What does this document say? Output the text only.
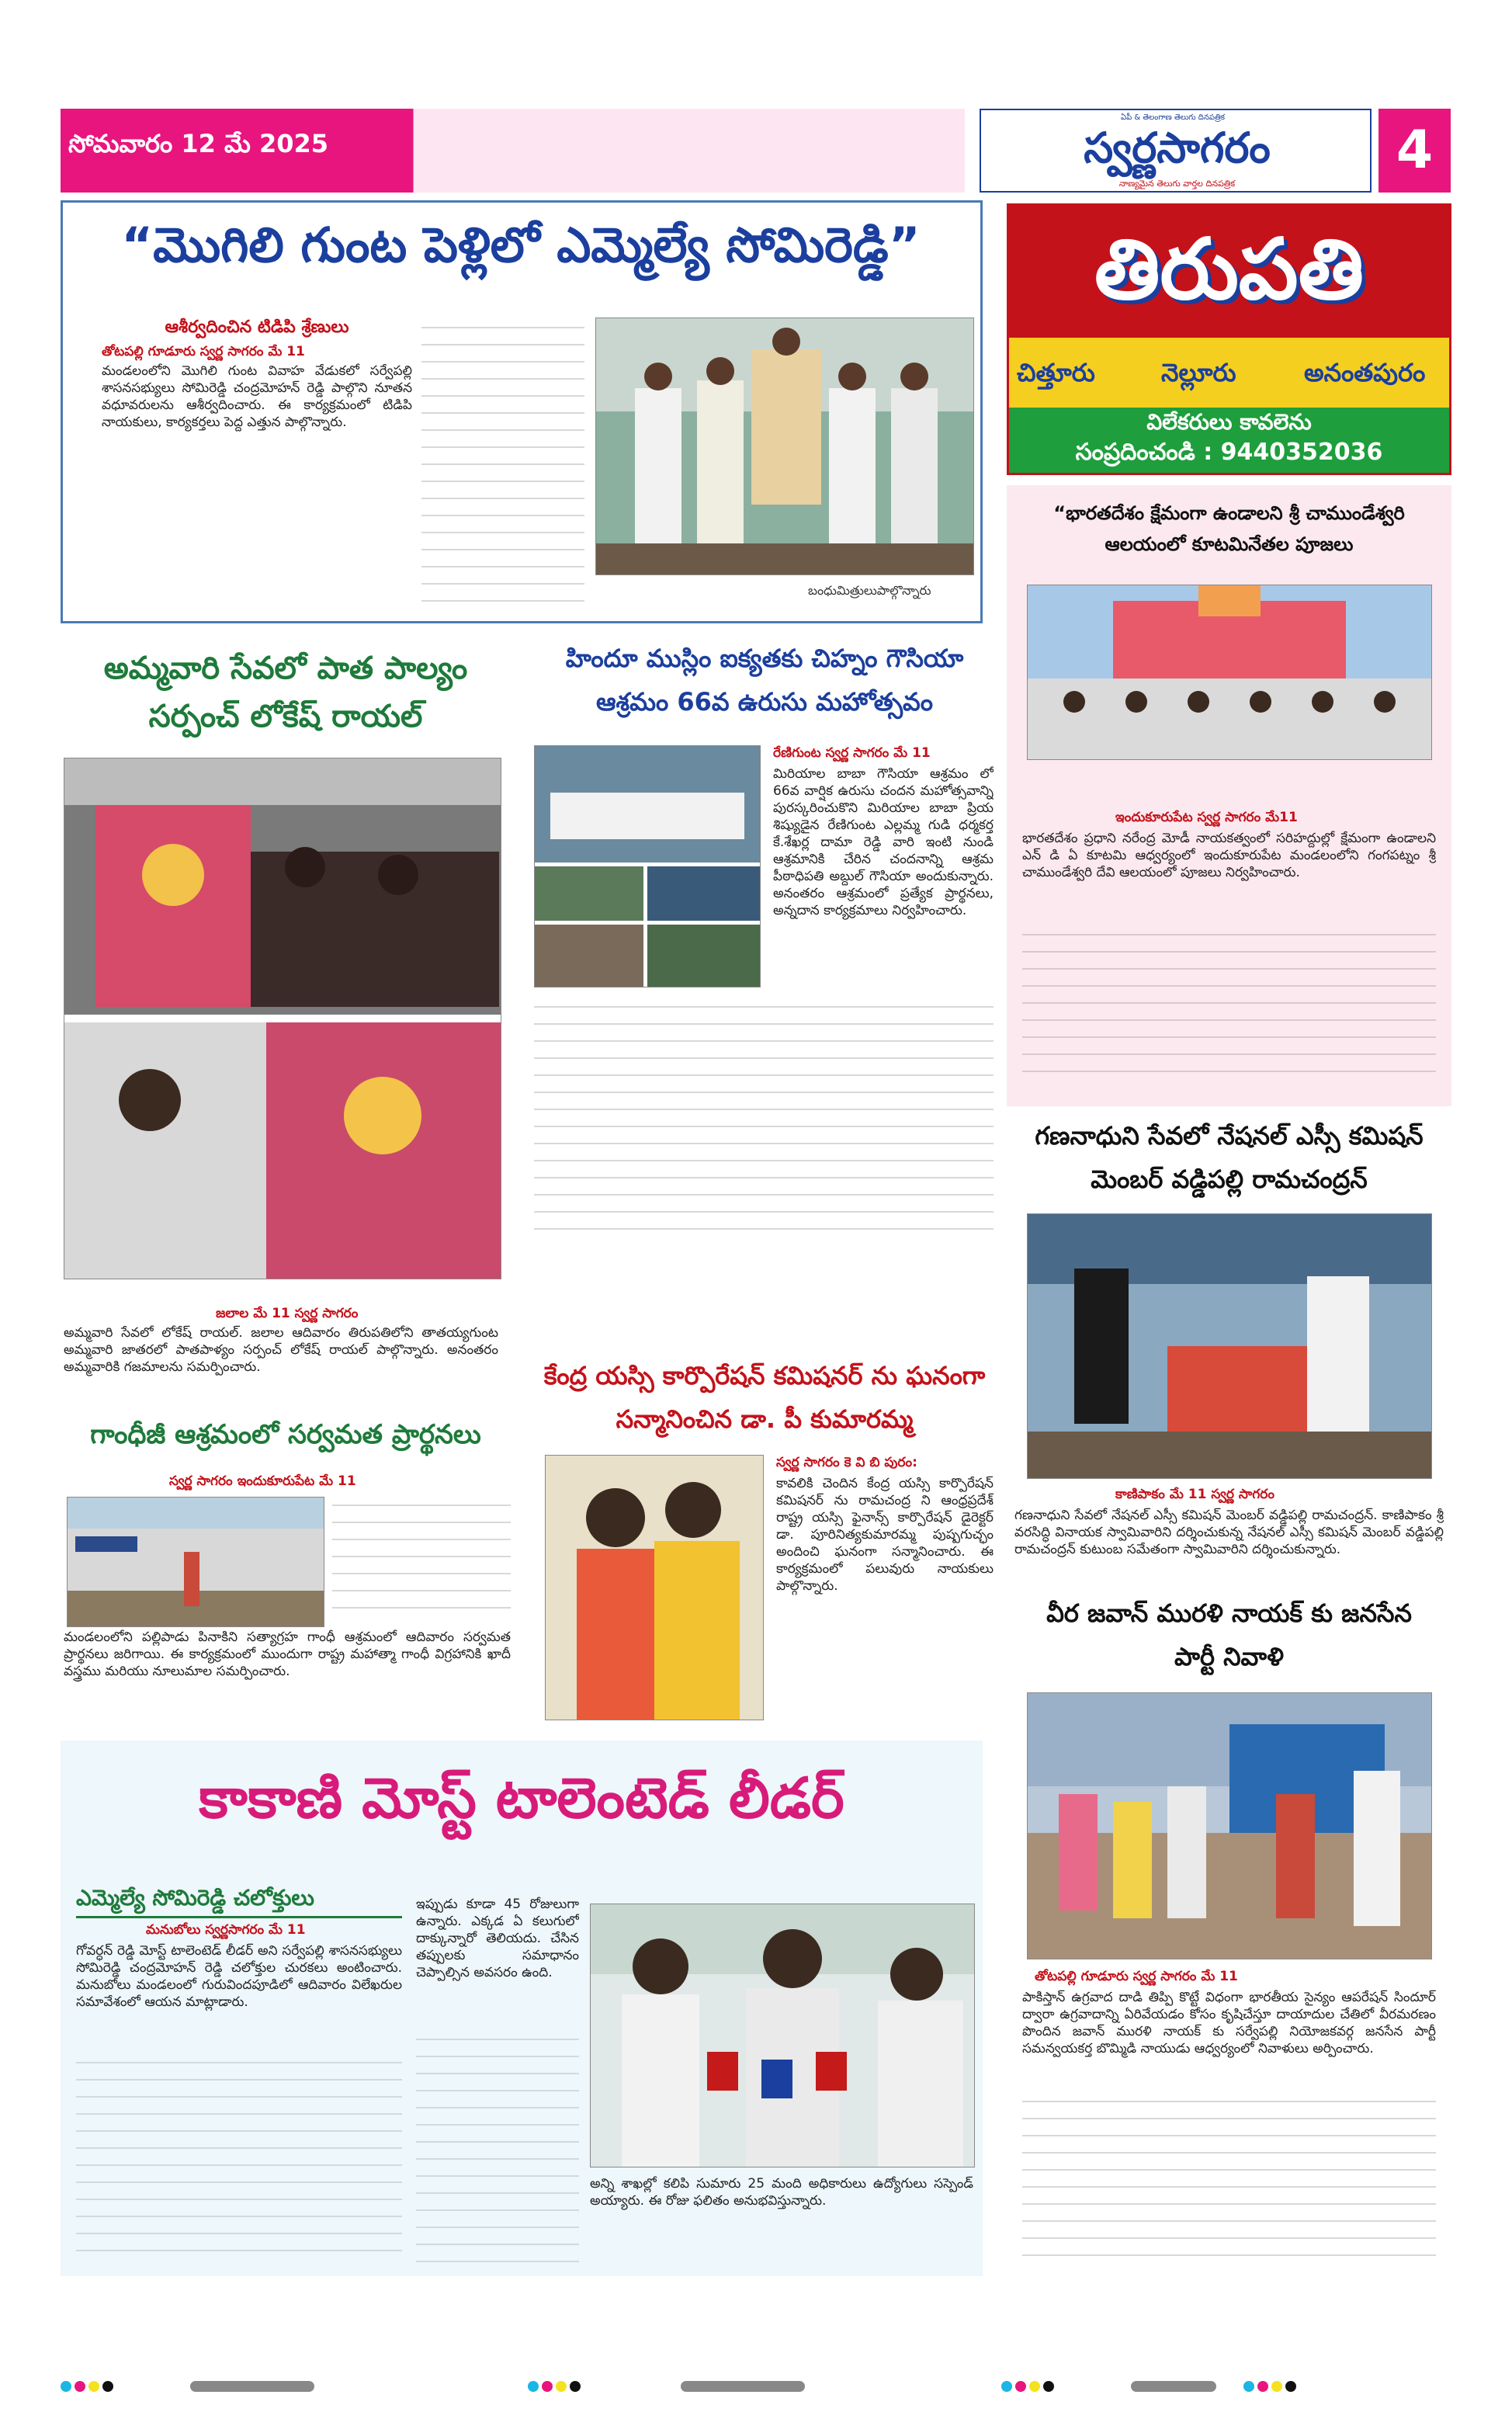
సోమవారం 12 మే 2025
ఏపీ & తెలంగాణ తెలుగు దినపత్రిక
స్వర్ణసాగరం
నాణ్యమైన తెలుగు వార్తల దినపత్రిక
4
తిరుపతి
చిత్తూరు	నెల్లూరు	అనంతపురం
విలేకరులు కావలెను
సంప్రదించండి : 9440352036
“మొగిలి గుంట పెళ్లిలో ఎమ్మెల్యే సోమిరెడ్డి”
ఆశీర్వదించిన టిడిపి శ్రేణులు
తోటపల్లి గూడూరు స్వర్ణ సాగరం మే 11
మండలంలోని మొగిలి గుంట వివాహ వేడుకలో సర్వేపల్లి శాసనసభ్యులు సోమిరెడ్డి చంద్రమోహన్ రెడ్డి పాల్గొని నూతన వధూవరులను ఆశీర్వదించారు. ఈ కార్యక్రమంలో టిడిపి నాయకులు, కార్యకర్తలు పెద్ద ఎత్తున పాల్గొన్నారు.
బంధుమిత్రులుపాల్గొన్నారు
అమ్మవారి సేవలో పాత పాల్యం సర్పంచ్ లోకేష్ రాయల్
జలాల మే 11 స్వర్ణ సాగరం
అమ్మవారి సేవలో లోకేష్ రాయల్. జలాల ఆదివారం తిరుపతిలోని తాతయ్యగుంట అమ్మవారి జాతరలో పాతపాళ్యం సర్పంచ్ లోకేష్ రాయల్ పాల్గొన్నారు. అనంతరం అమ్మవారికి గజమాలను సమర్పించారు.
గాంధీజీ ఆశ్రమంలో సర్వమత ప్రార్థనలు
స్వర్ణ సాగరం ఇందుకూరుపేట మే 11
మండలంలోని పల్లిపాడు పినాకిని సత్యాగ్రహ గాంధీ ఆశ్రమంలో ఆదివారం సర్వమత ప్రార్థనలు జరిగాయి. ఈ కార్యక్రమంలో ముందుగా రాష్ట్ర మహాత్మా గాంధీ విగ్రహానికి ఖాదీ వస్త్రము మరియు నూలుమాల సమర్పించారు.
హిందూ ముస్లిం ఐక్యతకు చిహ్నం గౌసియా ఆశ్రమం 66వ ఉరుసు మహోత్సవం
రేణిగుంట స్వర్ణ సాగరం మే 11
మిరియాల బాబా గౌసియా ఆశ్రమం లో 66వ వార్షిక ఉరుసు చందన మహోత్సవాన్ని పురస్కరించుకొని మిరియాల బాబా ప్రియ శిష్యుడైన రేణిగుంట ఎల్లమ్మ గుడి ధర్మకర్త కే.శేఖర్ల దామా రెడ్డి వారి ఇంటి నుండి ఆశ్రమానికి చేరిన చందనాన్ని ఆశ్రమ పీఠాధిపతి అబ్దుల్ గౌసియా అందుకున్నారు. అనంతరం ఆశ్రమంలో ప్రత్యేక ప్రార్థనలు, అన్నదాన కార్యక్రమాలు నిర్వహించారు.
కేంద్ర యస్సి కార్పొరేషన్ కమిషనర్ ను ఘనంగా సన్మానించిన డా. పీ కుమారమ్మ
స్వర్ణ సాగరం కె వి బి పురం:
కావలికి చెందిన కేంద్ర యస్సి కార్పొరేషన్ కమిషనర్ ను రామచంద్ర ని ఆంధ్రప్రదేశ్ రాష్ట్ర యస్సి ఫైనాన్స్ కార్పొరేషన్ డైరెక్టర్ డా. పూరినిత్యకుమారమ్మ పుష్పగుచ్ఛం అందించి ఘనంగా సన్మానించారు. ఈ కార్యక్రమంలో పలువురు నాయకులు పాల్గొన్నారు.
“భారతదేశం క్షేమంగా ఉండాలని శ్రీ చాముండేశ్వరి ఆలయంలో కూటమినేతల పూజలు
ఇందుకూరుపేట స్వర్ణ సాగరం మే11
భారతదేశం ప్రధాని నరేంద్ర మోడీ నాయకత్వంలో సరిహద్దుల్లో క్షేమంగా ఉండాలని ఎన్ డి ఏ కూటమి ఆధ్వర్యంలో ఇందుకూరుపేట మండలంలోని గంగపట్నం శ్రీ చాముండేశ్వరి దేవి ఆలయంలో పూజలు నిర్వహించారు.
గణనాధుని సేవలో నేషనల్ ఎస్సీ కమిషన్ మెంబర్ వడ్డిపల్లి రామచంద్రన్
కాణిపాకం మే 11 స్వర్ణ సాగరం
గణనాధుని సేవలో నేషనల్ ఎస్సీ కమిషన్ మెంబర్ వడ్డిపల్లి రామచంద్రన్. కాణిపాకం శ్రీ వరసిద్ధి వినాయక స్వామివారిని దర్శించుకున్న నేషనల్ ఎస్సీ కమిషన్ మెంబర్ వడ్డిపల్లి రామచంద్రన్ కుటుంబ సమేతంగా స్వామివారిని దర్శించుకున్నారు.
వీర జవాన్ మురళి నాయక్ కు జనసేన పార్టీ నివాళి
తోటపల్లి గూడూరు స్వర్ణ సాగరం మే 11
పాకిస్తాన్ ఉగ్రవాద దాడి తిప్పి కొట్టే విధంగా భారతీయ సైన్యం ఆపరేషన్ సిందూర్ ద్వారా ఉగ్రవాదాన్ని ఏరివేయడం కోసం కృషిచేస్తూ దాయాదుల చేతిలో వీరమరణం పొందిన జవాన్ మురళి నాయక్ కు సర్వేపల్లి నియోజకవర్గ జనసేన పార్టీ సమన్వయకర్త బొమ్మిడి నాయుడు ఆధ్వర్యంలో నివాళులు అర్పించారు.
కాకాణి మోస్ట్ టాలెంటెడ్ లీడర్
ఎమ్మెల్యే సోమిరెడ్డి చలోక్తులు
మనుబోలు స్వర్ణసాగరం మే 11
గోవర్ధన్ రెడ్డి మోస్ట్ టాలెంటెడ్ లీడర్ అని సర్వేపల్లి శాసనసభ్యులు సోమిరెడ్డి చంద్రమోహన్ రెడ్డి చలోక్తుల చురకలు అంటించారు. మనుబోలు మండలంలో గురువిందపూడిలో ఆదివారం విలేఖరుల సమావేశంలో ఆయన మాట్లాడారు.
ఇప్పుడు కూడా 45 రోజులుగా ఉన్నారు. ఎక్కడ ఏ కలుగులో దాక్కున్నారో తెలియదు. చేసిన తప్పులకు సమాధానం చెప్పాల్సిన అవసరం ఉంది.
అన్ని శాఖల్లో కలిపి సుమారు 25 మంది అధికారులు ఉద్యోగులు సస్పెండ్ అయ్యారు. ఈ రోజు ఫలితం అనుభవిస్తున్నారు.
